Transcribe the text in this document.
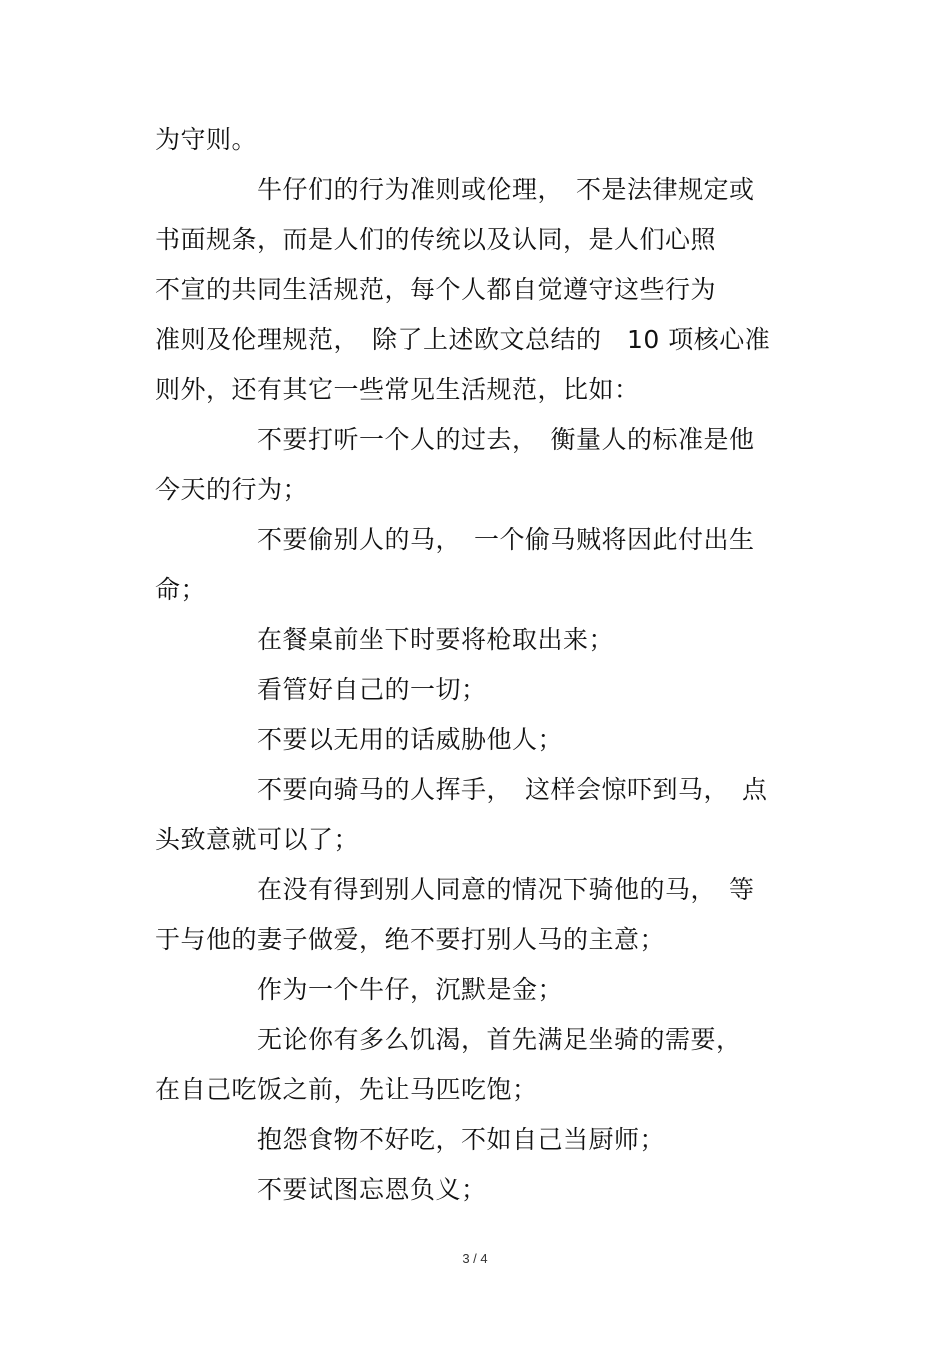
为守则。
牛仔们的行为准则或伦理，　不是法律规定或
书面规条，而是人们的传统以及认同，是人们心照
不宣的共同生活规范，每个人都自觉遵守这些行为
准则及伦理规范，　除了上述欧文总结的　10 项核心准
则外，还有其它一些常见生活规范，比如：
不要打听一个人的过去，　衡量人的标准是他
今天的行为；
不要偷别人的马，　一个偷马贼将因此付出生
命；
在餐桌前坐下时要将枪取出来；
看管好自己的一切；
不要以无用的话威胁他人；
不要向骑马的人挥手，　这样会惊吓到马，　点
头致意就可以了；
在没有得到别人同意的情况下骑他的马，　等
于与他的妻子做爱，绝不要打别人马的主意；
作为一个牛仔，沉默是金；
无论你有多么饥渴，首先满足坐骑的需要，
在自己吃饭之前，先让马匹吃饱；
抱怨食物不好吃，不如自己当厨师；
不要试图忘恩负义；
3 / 4
